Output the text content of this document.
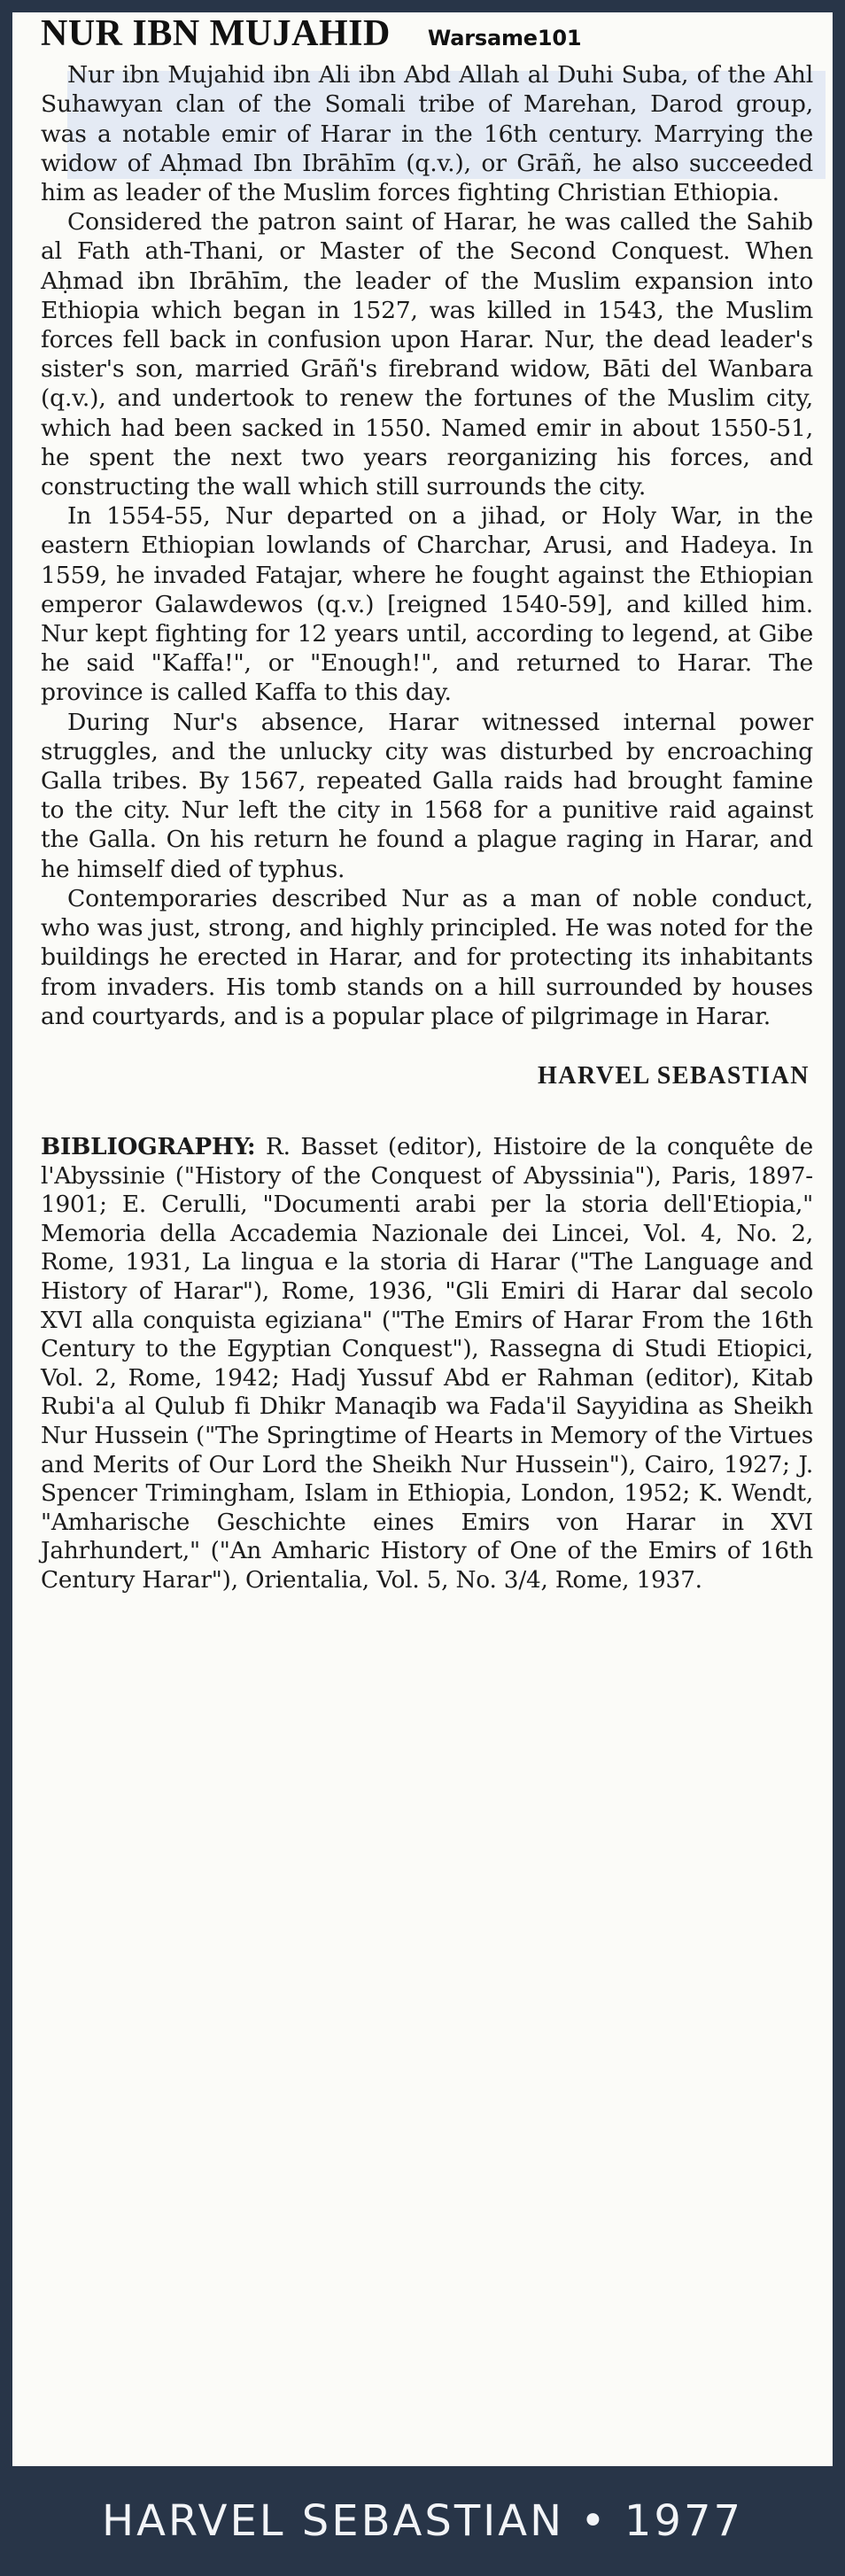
NUR IBN MUJAHID Warsame101

Nur ibn Mujahid ibn Ali ibn Abd Allah al Duhi Suba, of the Ahl Suhawyan clan of the Somali tribe of Marehan, Darod group, was a notable emir of Harar in the 16th century. Marrying the widow of Aḥmad Ibn Ibrāhīm (q.v.), or Grāñ, he also succeeded him as leader of the Muslim forces fighting Christian Ethiopia.

Considered the patron saint of Harar, he was called the Sahib al Fath ath-Thani, or Master of the Second Conquest. When Aḥmad ibn Ibrāhīm, the leader of the Muslim expansion into Ethiopia which began in 1527, was killed in 1543, the Muslim forces fell back in confusion upon Harar. Nur, the dead leader's sister's son, married Grāñ's firebrand widow, Bāti del Wanbara (q.v.), and undertook to renew the fortunes of the Muslim city, which had been sacked in 1550. Named emir in about 1550-51, he spent the next two years reorganizing his forces, and constructing the wall which still surrounds the city.

In 1554-55, Nur departed on a jihad, or Holy War, in the eastern Ethiopian lowlands of Charchar, Arusi, and Hadeya. In 1559, he invaded Fatajar, where he fought against the Ethiopian emperor Galawdewos (q.v.) [reigned 1540-59], and killed him. Nur kept fighting for 12 years until, according to legend, at Gibe he said "Kaffa!", or "Enough!", and returned to Harar. The province is called Kaffa to this day.

During Nur's absence, Harar witnessed internal power struggles, and the unlucky city was disturbed by encroaching Galla tribes. By 1567, repeated Galla raids had brought famine to the city. Nur left the city in 1568 for a punitive raid against the Galla. On his return he found a plague raging in Harar, and he himself died of typhus.

Contemporaries described Nur as a man of noble conduct, who was just, strong, and highly principled. He was noted for the buildings he erected in Harar, and for protecting its inhabitants from invaders. His tomb stands on a hill surrounded by houses and courtyards, and is a popular place of pilgrimage in Harar.

HARVEL SEBASTIAN

BIBLIOGRAPHY: R. Basset (editor), Histoire de la conquête de l'Abyssinie ("History of the Conquest of Abyssinia"), Paris, 1897-1901; E. Cerulli, "Documenti arabi per la storia dell'Etiopia," Memoria della Accademia Nazionale dei Lincei, Vol. 4, No. 2, Rome, 1931, La lingua e la storia di Harar ("The Language and History of Harar"), Rome, 1936, "Gli Emiri di Harar dal secolo XVI alla conquista egiziana" ("The Emirs of Harar From the 16th Century to the Egyptian Conquest"), Rassegna di Studi Etiopici, Vol. 2, Rome, 1942; Hadj Yussuf Abd er Rahman (editor), Kitab Rubi'a al Qulub fi Dhikr Manaqib wa Fada'il Sayyidina as Sheikh Nur Hussein ("The Springtime of Hearts in Memory of the Virtues and Merits of Our Lord the Sheikh Nur Hussein"), Cairo, 1927; J. Spencer Trimingham, Islam in Ethiopia, London, 1952; K. Wendt, "Amharische Geschichte eines Emirs von Harar in XVI Jahrhundert," ("An Amharic History of One of the Emirs of 16th Century Harar"), Orientalia, Vol. 5, No. 3/4, Rome, 1937.

HARVEL SEBASTIAN • 1977
